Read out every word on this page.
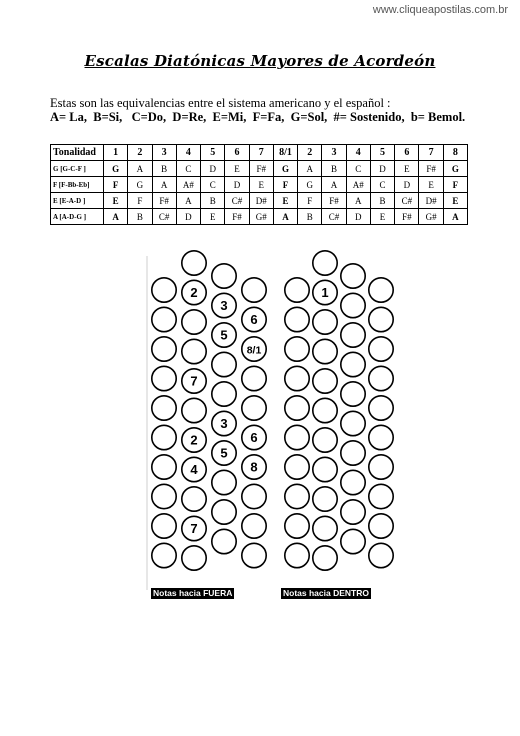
www.cliqueapostilas.com.br
Escalas Diatónicas Mayores de Acordeón
Estas son las equivalencias entre el sistema americano y el español :
A= La,  B=Si,   C=Do,  D=Re,  E=Mi,  F=Fa,  G=Sol,  #= Sostenido,  b= Bemol.
Tonalidad	1	2	3	4	5	6	7	8/1	2	3	4	5	6	7	8
G [G-C-F ]	G	A	B	C	D	E	F#	G	A	B	C	D	E	F#	G
F [F-Bb-Eb]	F	G	A	A#	C	D	E	F	G	A	A#	C	D	E	F
E [E-A-D ]	E	F	F#	A	B	C#	D#	E	F	F#	A	B	C#	D#	E
A [A-D-G ]	A	B	C#	D	E	F#	G#	A	B	C#	D	E	F#	G#	A
2
7
2
4
7
3
5
3
5
6
8/1
6
8
1
Notas hacia FUERA	Notas hacia DENTRO
